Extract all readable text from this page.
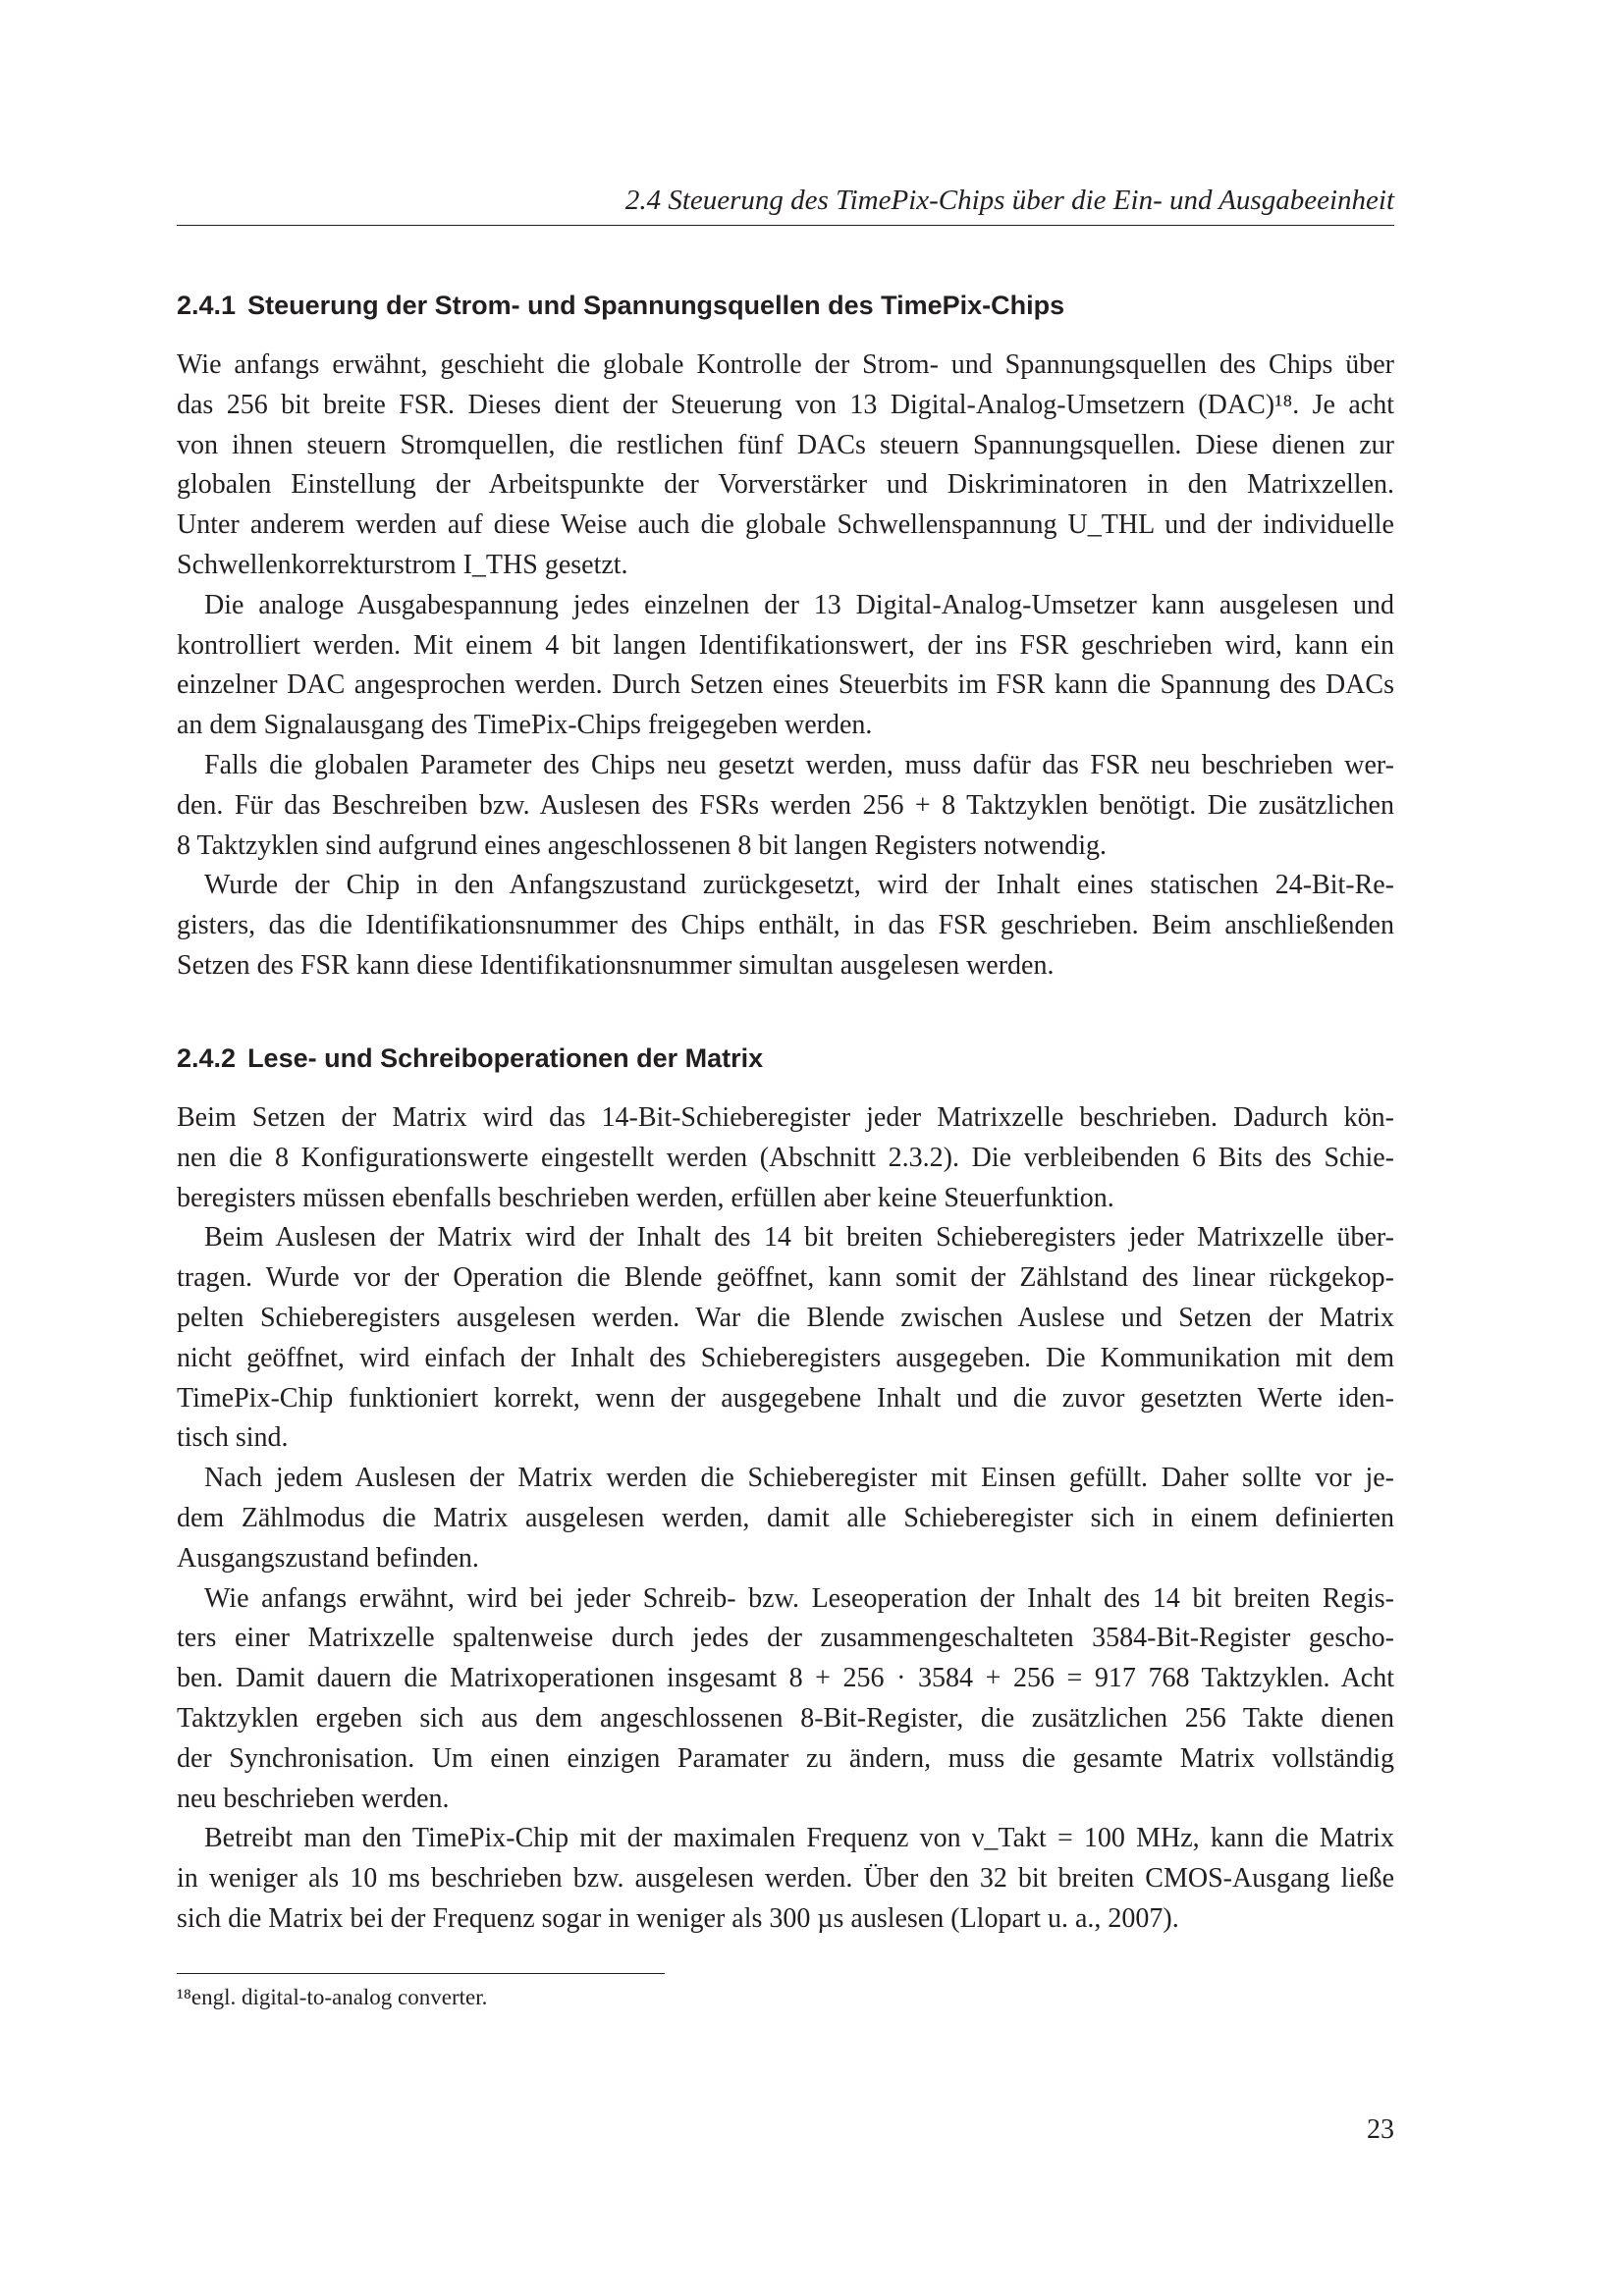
2.4 Steuerung des TimePix-Chips über die Ein- und Ausgabeeinheit
2.4.1 Steuerung der Strom- und Spannungsquellen des TimePix-Chips
Wie anfangs erwähnt, geschieht die globale Kontrolle der Strom- und Spannungsquellen des Chips über
das 256 bit breite FSR. Dieses dient der Steuerung von 13 Digital-Analog-Umsetzern (DAC)¹⁸. Je acht
von ihnen steuern Stromquellen, die restlichen fünf DACs steuern Spannungsquellen. Diese dienen zur
globalen Einstellung der Arbeitspunkte der Vorverstärker und Diskriminatoren in den Matrixzellen.
Unter anderem werden auf diese Weise auch die globale Schwellenspannung U_THL und der individuelle
Schwellenkorrekturstrom I_THS gesetzt.
Die analoge Ausgabespannung jedes einzelnen der 13 Digital-Analog-Umsetzer kann ausgelesen und
kontrolliert werden. Mit einem 4 bit langen Identifikationswert, der ins FSR geschrieben wird, kann ein
einzelner DAC angesprochen werden. Durch Setzen eines Steuerbits im FSR kann die Spannung des DACs
an dem Signalausgang des TimePix-Chips freigegeben werden.
Falls die globalen Parameter des Chips neu gesetzt werden, muss dafür das FSR neu beschrieben wer-
den. Für das Beschreiben bzw. Auslesen des FSRs werden 256 + 8 Taktzyklen benötigt. Die zusätzlichen
8 Taktzyklen sind aufgrund eines angeschlossenen 8 bit langen Registers notwendig.
Wurde der Chip in den Anfangszustand zurückgesetzt, wird der Inhalt eines statischen 24-Bit-Re-
gisters, das die Identifikationsnummer des Chips enthält, in das FSR geschrieben. Beim anschließenden
Setzen des FSR kann diese Identifikationsnummer simultan ausgelesen werden.
2.4.2 Lese- und Schreiboperationen der Matrix
Beim Setzen der Matrix wird das 14-Bit-Schieberegister jeder Matrixzelle beschrieben. Dadurch kön-
nen die 8 Konfigurationswerte eingestellt werden (Abschnitt 2.3.2). Die verbleibenden 6 Bits des Schie-
beregisters müssen ebenfalls beschrieben werden, erfüllen aber keine Steuerfunktion.
Beim Auslesen der Matrix wird der Inhalt des 14 bit breiten Schieberegisters jeder Matrixzelle über-
tragen. Wurde vor der Operation die Blende geöffnet, kann somit der Zählstand des linear rückgekop-
pelten Schieberegisters ausgelesen werden. War die Blende zwischen Auslese und Setzen der Matrix
nicht geöffnet, wird einfach der Inhalt des Schieberegisters ausgegeben. Die Kommunikation mit dem
TimePix-Chip funktioniert korrekt, wenn der ausgegebene Inhalt und die zuvor gesetzten Werte iden-
tisch sind.
Nach jedem Auslesen der Matrix werden die Schieberegister mit Einsen gefüllt. Daher sollte vor je-
dem Zählmodus die Matrix ausgelesen werden, damit alle Schieberegister sich in einem definierten
Ausgangszustand befinden.
Wie anfangs erwähnt, wird bei jeder Schreib- bzw. Leseoperation der Inhalt des 14 bit breiten Regis-
ters einer Matrixzelle spaltenweise durch jedes der zusammengeschalteten 3584-Bit-Register gescho-
ben. Damit dauern die Matrixoperationen insgesamt 8 + 256 · 3584 + 256 = 917 768 Taktzyklen. Acht
Taktzyklen ergeben sich aus dem angeschlossenen 8-Bit-Register, die zusätzlichen 256 Takte dienen
der Synchronisation. Um einen einzigen Paramater zu ändern, muss die gesamte Matrix vollständig
neu beschrieben werden.
Betreibt man den TimePix-Chip mit der maximalen Frequenz von ν_Takt = 100 MHz, kann die Matrix
in weniger als 10 ms beschrieben bzw. ausgelesen werden. Über den 32 bit breiten CMOS-Ausgang ließe
sich die Matrix bei der Frequenz sogar in weniger als 300 µs auslesen (Llopart u. a., 2007).
¹⁸engl. digital-to-analog converter.
23
